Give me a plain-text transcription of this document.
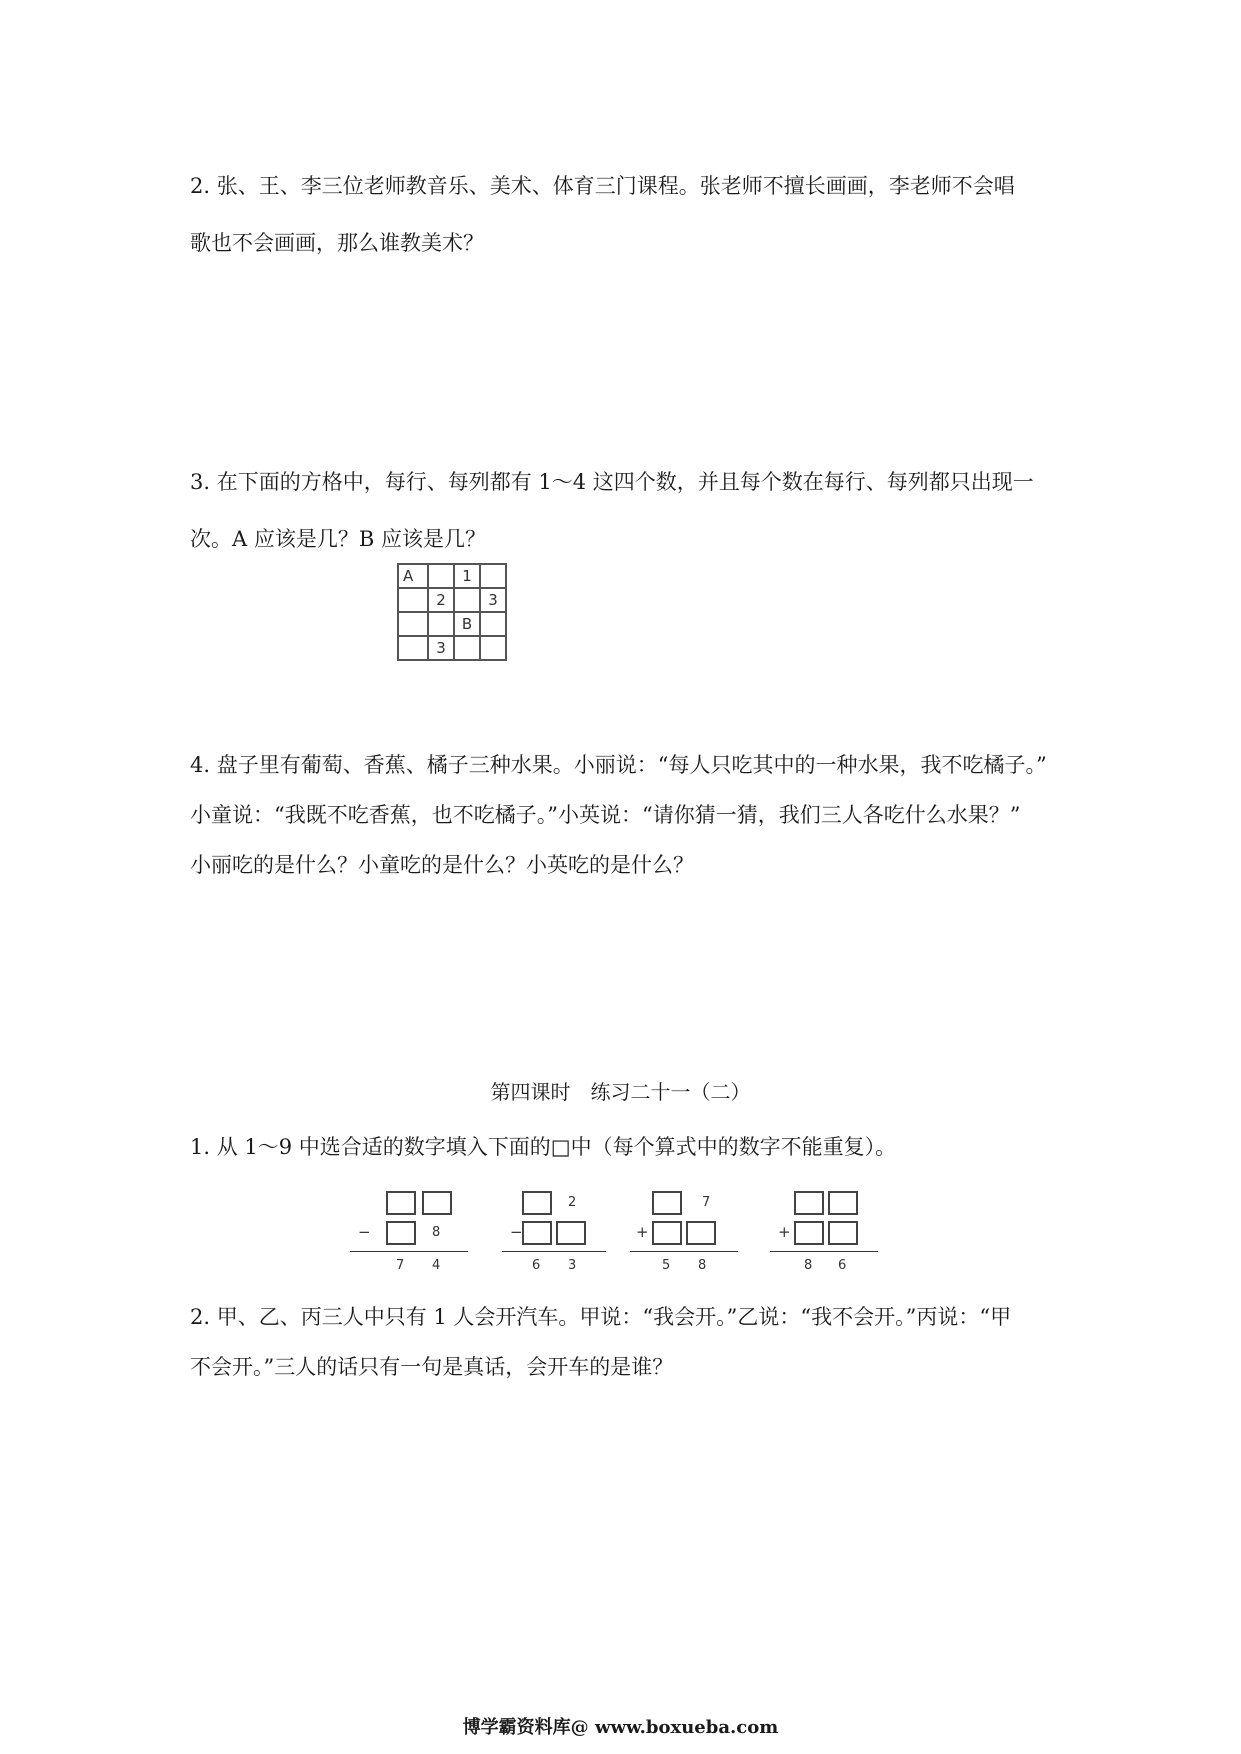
2. 张、王、李三位老师教音乐、美术、体育三门课程。张老师不擅长画画，李老师不会唱
歌也不会画画，那么谁教美术？

3. 在下面的方格中，每行、每列都有 1～4 这四个数，并且每个数在每行、每列都只出现一
次。A 应该是几？B 应该是几？

A		1	
	2		3
		B	
	3		

4. 盘子里有葡萄、香蕉、橘子三种水果。小丽说：“每人只吃其中的一种水果，我不吃橘子。”
小童说：“我既不吃香蕉，也不吃橘子。”小英说：“请你猜一猜，我们三人各吃什么水果？”
小丽吃的是什么？小童吃的是什么？小英吃的是什么？

第四课时　练习二十一（二）

1. 从 1～9 中选合适的数字填入下面的□中（每个算式中的数字不能重复）。

−	8
7 4
2
−
6 3
7
+
5 8
+
8 6

2. 甲、乙、丙三人中只有 1 人会开汽车。甲说：“我会开。”乙说：“我不会开。”丙说：“甲
不会开。”三人的话只有一句是真话，会开车的是谁？

博学霸资料库@ www.boxueba.com
